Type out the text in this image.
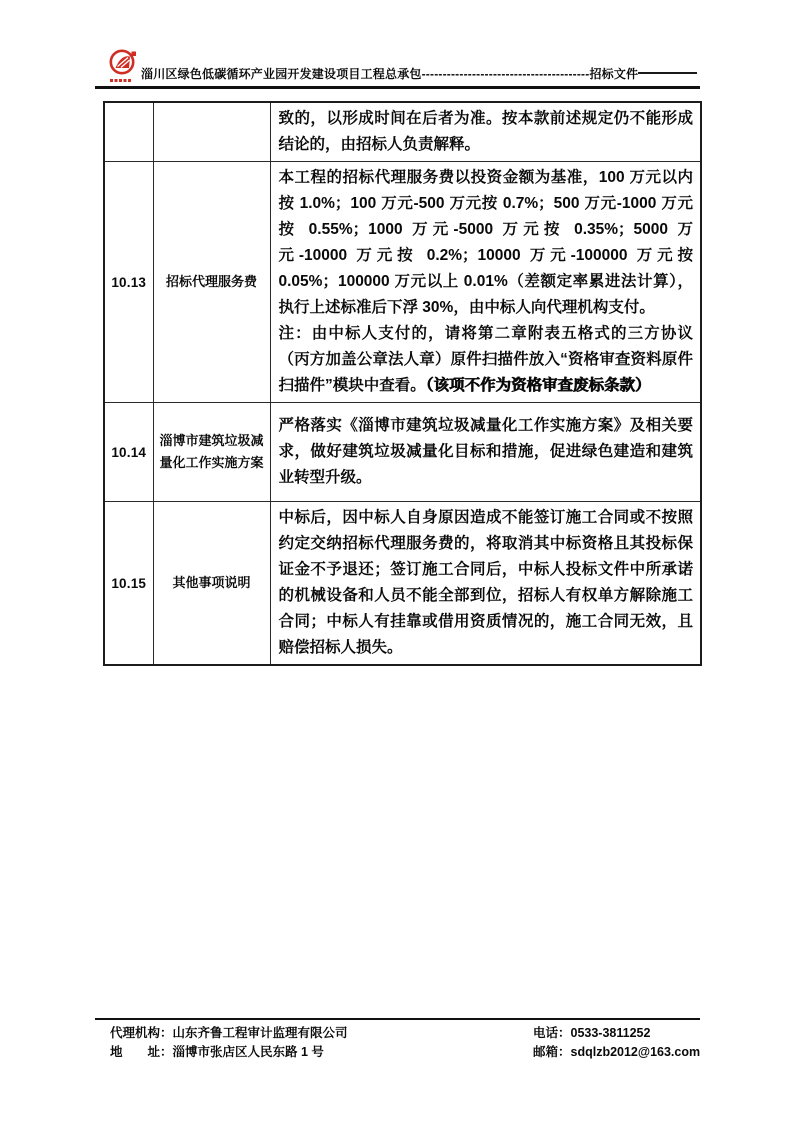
淄川区绿色低碳循环产业园开发建设项目工程总承包----------------------------------------招标文件
		致的，以形成时间在后者为准。按本款前述规定仍不能形成结论的，由招标人负责解释。
10.13	招标代理服务费	本工程的招标代理服务费以投资金额为基准，100 万元以内按 1.0%；100 万元-500 万元按 0.7%；500 万元-1000 万元按 0.55%；1000 万元-5000 万元按 0.35%；5000 万元-10000 万元按 0.2%；10000 万元-100000 万元按 0.05%；100000 万元以上 0.01%（差额定率累进法计算），执行上述标准后下浮 30%，由中标人向代理机构支付。
注：由中标人支付的，请将第二章附表五格式的三方协议（丙方加盖公章法人章）原件扫描件放入“资格审查资料原件扫描件”模块中查看。（该项不作为资格审查废标条款）

10.14	淄博市建筑垃圾减量化工作实施方案	严格落实《淄博市建筑垃圾减量化工作实施方案》及相关要求，做好建筑垃圾减量化目标和措施，促进绿色建造和建筑业转型升级。
10.15	其他事项说明	中标后，因中标人自身原因造成不能签订施工合同或不按照约定交纳招标代理服务费的，将取消其中标资格且其投标保证金不予退还；签订施工合同后，中标人投标文件中所承诺的机械设备和人员不能全部到位，招标人有权单方解除施工合同；中标人有挂靠或借用资质情况的，施工合同无效，且赔偿招标人损失。
代理机构：山东齐鲁工程审计监理有限公司
地　　址：淄博市张店区人民东路 1 号
电话：0533-3811252
邮箱：sdqlzb2012@163.com
